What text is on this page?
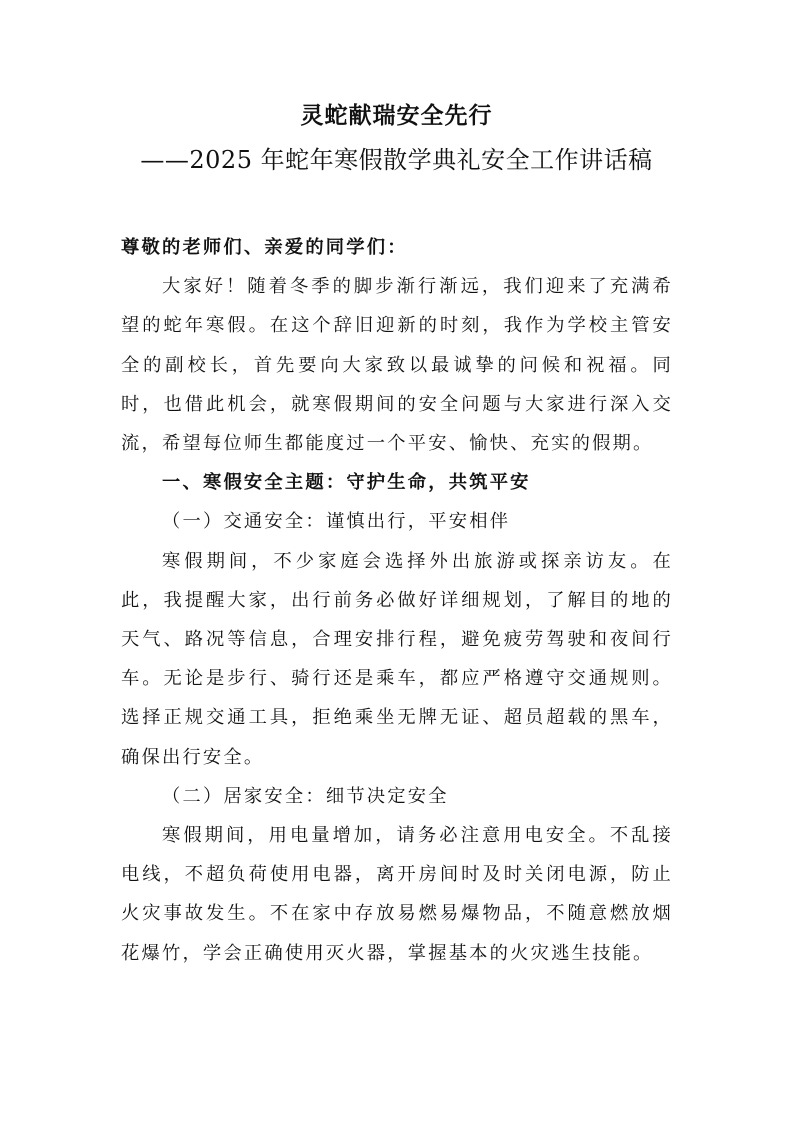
灵蛇献瑞安全先行
——2025 年蛇年寒假散学典礼安全工作讲话稿

尊敬的老师们、亲爱的同学们：

大家好！随着冬季的脚步渐行渐远，我们迎来了充满希望的蛇年寒假。在这个辞旧迎新的时刻，我作为学校主管安全的副校长，首先要向大家致以最诚挚的问候和祝福。同时，也借此机会，就寒假期间的安全问题与大家进行深入交流，希望每位师生都能度过一个平安、愉快、充实的假期。

一、寒假安全主题：守护生命，共筑平安

（一）交通安全：谨慎出行，平安相伴

寒假期间，不少家庭会选择外出旅游或探亲访友。在此，我提醒大家，出行前务必做好详细规划，了解目的地的天气、路况等信息，合理安排行程，避免疲劳驾驶和夜间行车。无论是步行、骑行还是乘车，都应严格遵守交通规则。选择正规交通工具，拒绝乘坐无牌无证、超员超载的黑车，确保出行安全。

（二）居家安全：细节决定安全

寒假期间，用电量增加，请务必注意用电安全。不乱接电线，不超负荷使用电器，离开房间时及时关闭电源，防止火灾事故发生。不在家中存放易燃易爆物品，不随意燃放烟花爆竹，学会正确使用灭火器，掌握基本的火灾逃生技能。
